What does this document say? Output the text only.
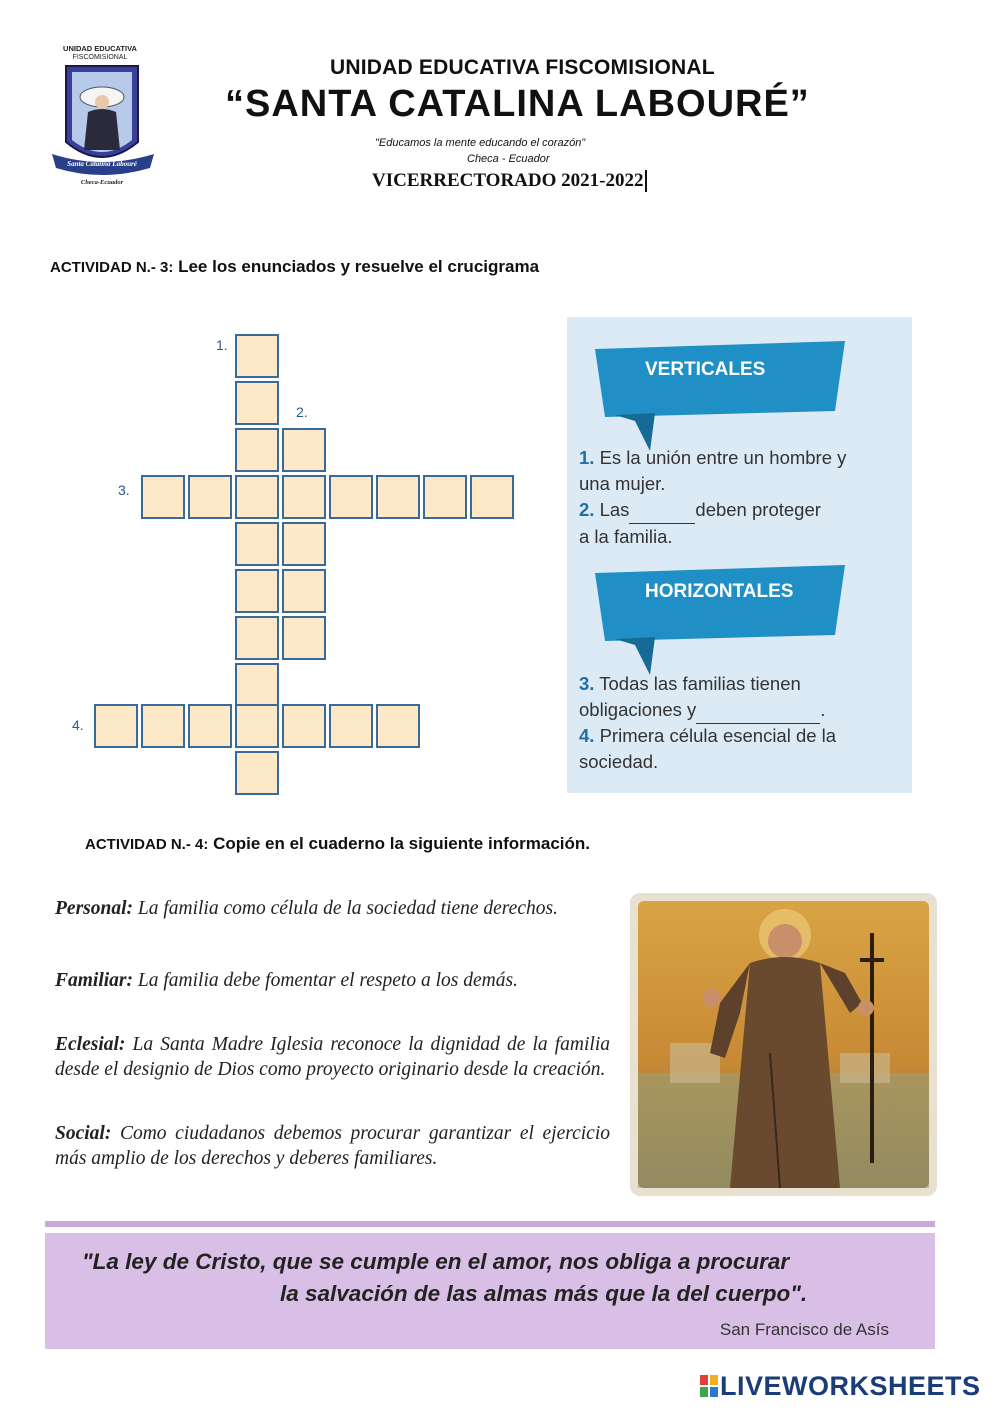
UNIDAD EDUCATIVA
FISCOMISIONAL
Santa Catalina Labouré
Checa-Ecuador
UNIDAD EDUCATIVA FISCOMISIONAL
“SANTA CATALINA LABOURÉ”
"Educamos la mente educando el corazón"
Checa - Ecuador
VICERRECTORADO 2021-2022
ACTIVIDAD N.- 3: Lee los enunciados y resuelve el crucigrama
1.
2.
3.
4.
VERTICALES
1. Es la unión entre un hombre y
una mujer.
2. Las	deben proteger
a la familia.
HORIZONTALES
3. Todas las familias tienen
obligaciones y	.
4. Primera célula esencial de la
sociedad.
ACTIVIDAD N.- 4: Copie en el cuaderno la siguiente información.
Personal: La familia como célula de la sociedad tiene derechos.
Familiar: La familia debe fomentar el respeto a los demás.
Eclesial: La Santa Madre Iglesia reconoce la dignidad de la familia desde el designio de Dios como proyecto originario desde la creación.
Social: Como ciudadanos debemos procurar garantizar el ejercicio más amplio de los derechos y deberes familiares.
"La ley de Cristo, que se cumple en el amor, nos obliga a procurar
la salvación de las almas más que la del cuerpo".
San Francisco de Asís
LIVEWORKSHEETS
